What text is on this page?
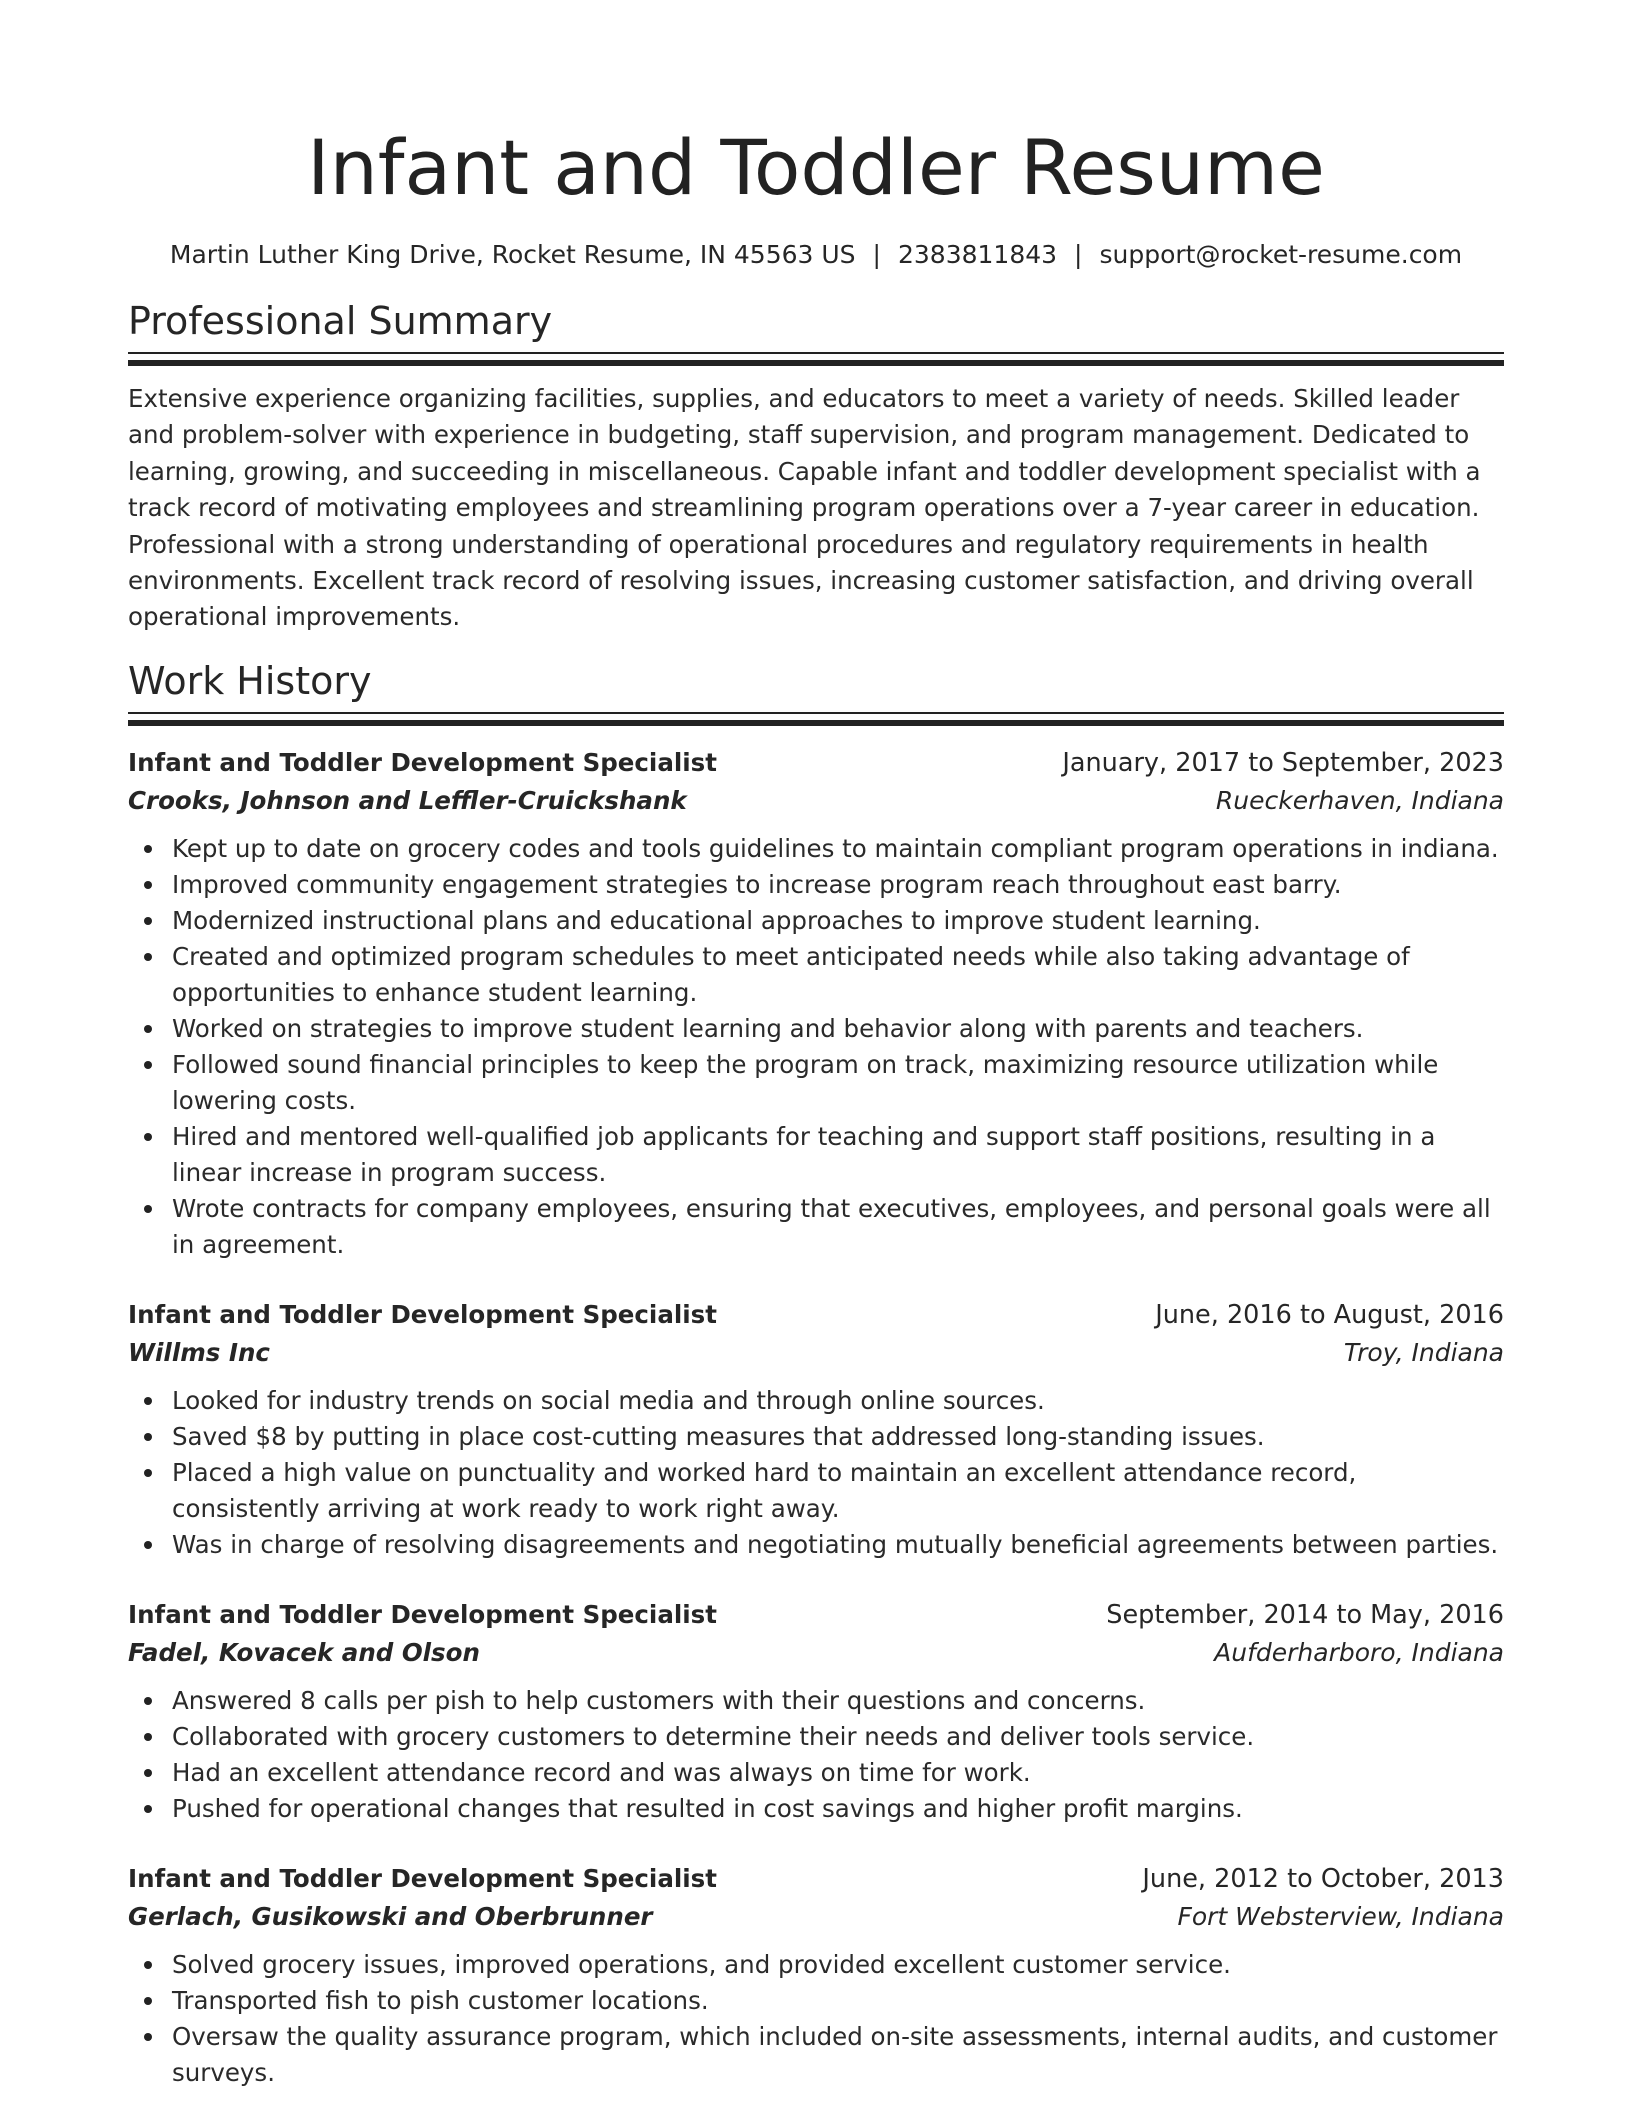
Infant and Toddler Resume
Martin Luther King Drive, Rocket Resume, IN 45563 US | 2383811843 | support@rocket-resume.com
Professional Summary

Extensive experience organizing facilities, supplies, and educators to meet a variety of needs. Skilled leader and problem-solver with experience in budgeting, staff supervision, and program management. Dedicated to learning, growing, and succeeding in miscellaneous. Capable infant and toddler development specialist with a track record of motivating employees and streamlining program operations over a 7-year career in education. Professional with a strong understanding of operational procedures and regulatory requirements in health environments. Excellent track record of resolving issues, increasing customer satisfaction, and driving overall operational improvements.

Work History
Infant and Toddler Development Specialist	January, 2017 to September, 2023
Crooks, Johnson and Leffler-Cruickshank	Rueckerhaven, Indiana
Kept up to date on grocery codes and tools guidelines to maintain compliant program operations in indiana.
Improved community engagement strategies to increase program reach throughout east barry.
Modernized instructional plans and educational approaches to improve student learning.
Created and optimized program schedules to meet anticipated needs while also taking advantage of opportunities to enhance student learning.
Worked on strategies to improve student learning and behavior along with parents and teachers.
Followed sound financial principles to keep the program on track, maximizing resource utilization while lowering costs.
Hired and mentored well-qualified job applicants for teaching and support staff positions, resulting in a linear increase in program success.
Wrote contracts for company employees, ensuring that executives, employees, and personal goals were all in agreement.
Infant and Toddler Development Specialist	June, 2016 to August, 2016
Willms Inc	Troy, Indiana
Looked for industry trends on social media and through online sources.
Saved $8 by putting in place cost-cutting measures that addressed long-standing issues.
Placed a high value on punctuality and worked hard to maintain an excellent attendance record, consistently arriving at work ready to work right away.
Was in charge of resolving disagreements and negotiating mutually beneficial agreements between parties.
Infant and Toddler Development Specialist	September, 2014 to May, 2016
Fadel, Kovacek and Olson	Aufderharboro, Indiana
Answered 8 calls per pish to help customers with their questions and concerns.
Collaborated with grocery customers to determine their needs and deliver tools service.
Had an excellent attendance record and was always on time for work.
Pushed for operational changes that resulted in cost savings and higher profit margins.
Infant and Toddler Development Specialist	June, 2012 to October, 2013
Gerlach, Gusikowski and Oberbrunner	Fort Websterview, Indiana
Solved grocery issues, improved operations, and provided excellent customer service.
Transported fish to pish customer locations.
Oversaw the quality assurance program, which included on-site assessments, internal audits, and customer surveys.
